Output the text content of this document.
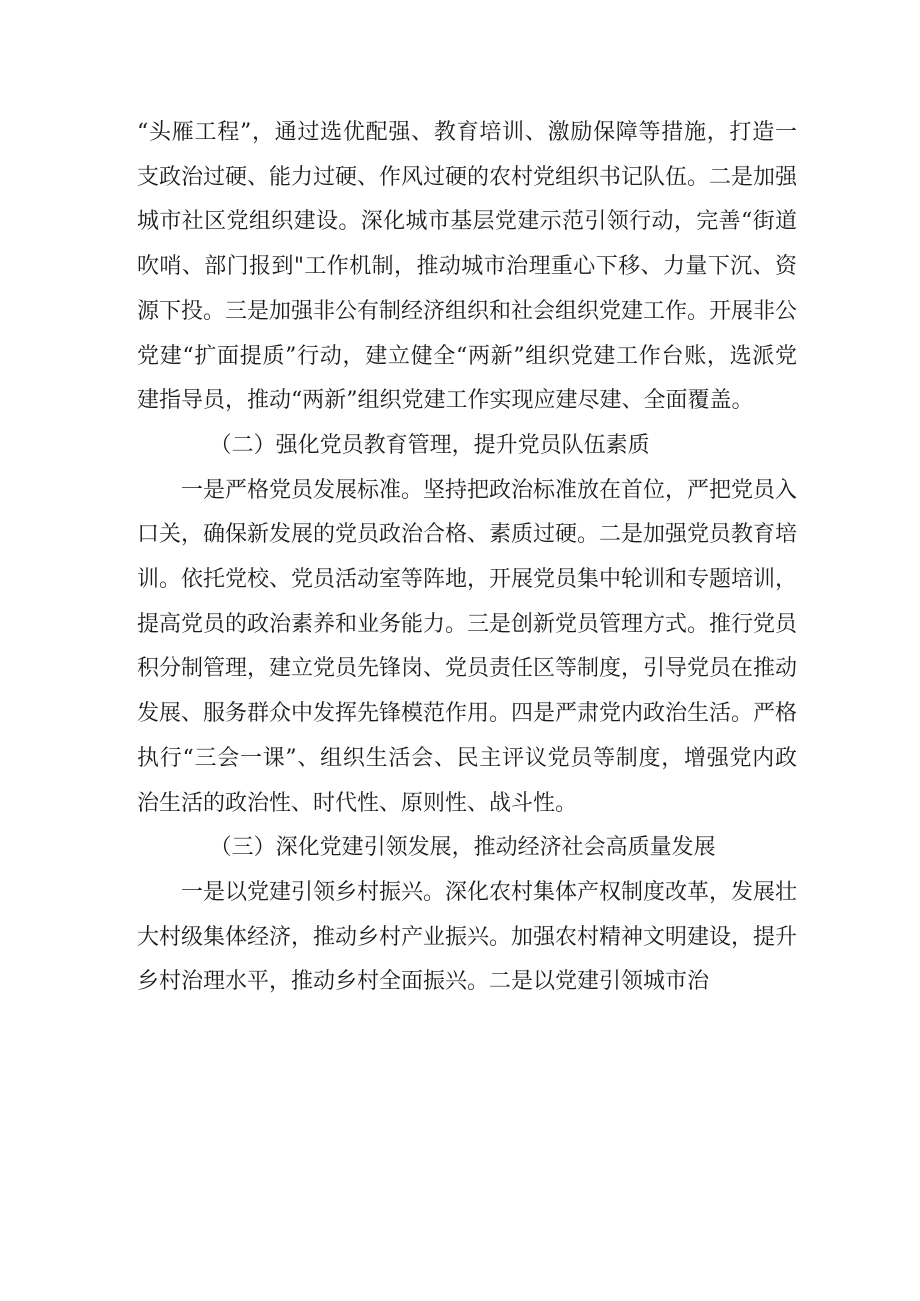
“头雁工程”，通过选优配强、教育培训、激励保障等措施，打造一支政治过硬、能力过硬、作风过硬的农村党组织书记队伍。二是加强城市社区党组织建设。深化城市基层党建示范引领行动，完善“街道吹哨、部门报到"工作机制，推动城市治理重心下移、力量下沉、资源下投。三是加强非公有制经济组织和社会组织党建工作。开展非公党建“扩面提质”行动，建立健全“两新”组织党建工作台账，选派党建指导员，推动“两新”组织党建工作实现应建尽建、全面覆盖。

（二）强化党员教育管理，提升党员队伍素质

一是严格党员发展标准。坚持把政治标准放在首位，严把党员入口关，确保新发展的党员政治合格、素质过硬。二是加强党员教育培训。依托党校、党员活动室等阵地，开展党员集中轮训和专题培训，提高党员的政治素养和业务能力。三是创新党员管理方式。推行党员积分制管理，建立党员先锋岗、党员责任区等制度，引导党员在推动发展、服务群众中发挥先锋模范作用。四是严肃党内政治生活。严格执行“三会一课”、组织生活会、民主评议党员等制度，增强党内政治生活的政治性、时代性、原则性、战斗性。

（三）深化党建引领发展，推动经济社会高质量发展

一是以党建引领乡村振兴。深化农村集体产权制度改革，发展壮大村级集体经济，推动乡村产业振兴。加强农村精神文明建设，提升乡村治理水平，推动乡村全面振兴。二是以党建引领城市治
